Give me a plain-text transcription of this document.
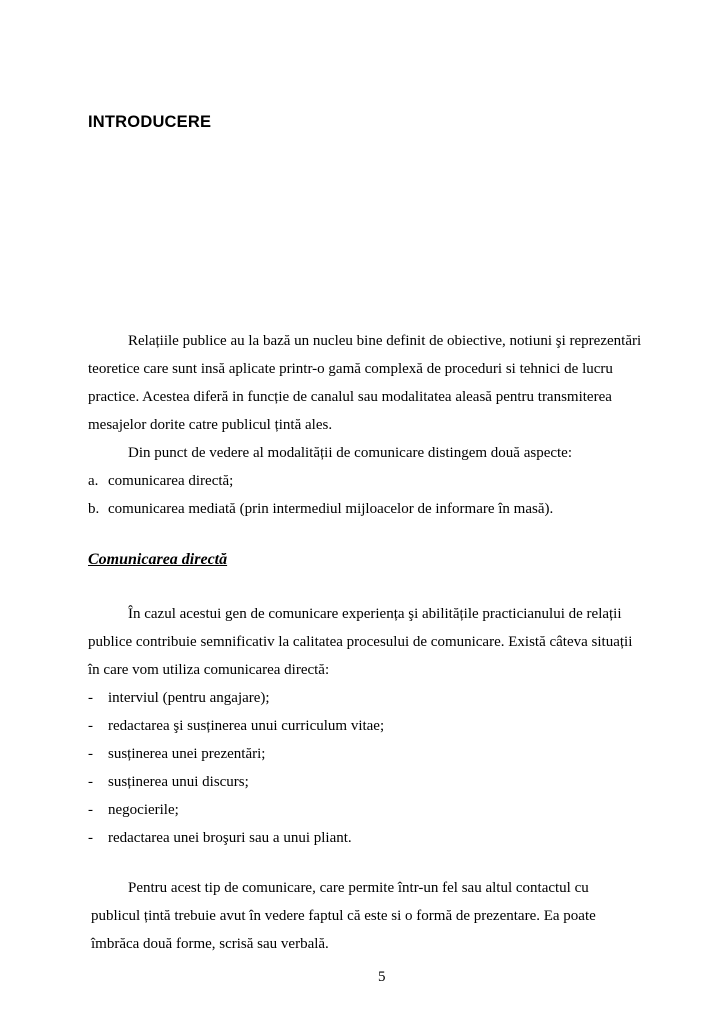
INTRODUCERE
Relațiile publice au la bază un nucleu bine definit de obiective, notiuni şi reprezentări
teoretice care sunt insă aplicate printr-o gamă complexă de proceduri si tehnici de lucru
practice. Acestea diferă in funcție de canalul sau modalitatea aleasă pentru transmiterea
mesajelor dorite catre publicul țintă ales.
Din punct de vedere al modalității de comunicare distingem două aspecte:
a. comunicarea directă;
b. comunicarea mediată (prin intermediul mijloacelor de informare în masă).
Comunicarea directă
În cazul acestui gen de comunicare experiența şi abilitățile practicianului de relații
publice contribuie semnificativ la calitatea procesului de comunicare. Există câteva situații
în care vom utiliza comunicarea directă:
- interviul (pentru angajare);
- redactarea şi susținerea unui curriculum vitae;
- susținerea unei prezentări;
- susținerea unui discurs;
- negocierile;
- redactarea unei broşuri sau a unui pliant.
Pentru acest tip de comunicare, care permite într-un fel sau altul contactul cu
publicul țintă trebuie avut în vedere faptul că este si o formă de prezentare. Ea poate
îmbrăca două forme, scrisă sau verbală.
5
